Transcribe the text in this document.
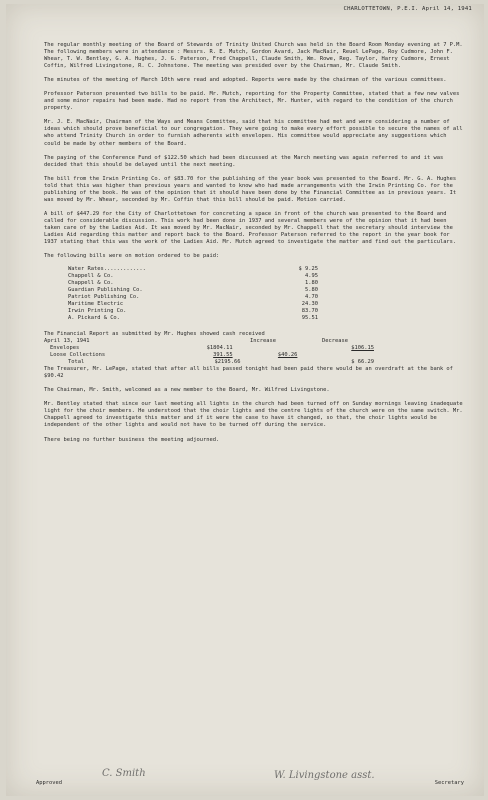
CHARLOTTETOWN, P.E.I. April 14, 1941

The regular monthly meeting of the Board of Stewards of Trinity United Church was held in the Board Room Monday evening at 7 P.M. The following members were in attendance : Messrs. R. E. Mutch, Gordon Avard, Jack MacNair, Reuel LePage, Roy Cudmore, John F. Whear, T. W. Bentley, G. A. Hughes, J. G. Paterson, Fred Chappell, Claude Smith, Wm. Rowe, Reg. Taylor, Harry Cudmore, Ernest Coffin, Wilfred Livingstone, R. C. Johnstone. The meeting was presided over by the Chairman, Mr. Claude Smith.

The minutes of the meeting of March 10th were read and adopted. Reports were made by the chairman of the various committees.

Professor Paterson presented two bills to be paid. Mr. Mutch, reporting for the Property Committee, stated that a few new valves and some minor repairs had been made. Had no report from the Architect, Mr. Hunter, with regard to the condition of the church property.

Mr. J. E. MacNair, Chairman of the Ways and Means Committee, said that his committee had met and were considering a number of ideas which should prove beneficial to our congregation. They were going to make every effort possible to secure the names of all who attend Trinity Church in order to furnish adherents with envelopes. His committee would appreciate any suggestions which could be made by other members of the Board.

The paying of the Conference Fund of $122.50 which had been discussed at the March meeting was again referred to and it was decided that this should be delayed until the next meeting.

The bill from the Irwin Printing Co. of $83.70 for the publishing of the year book was presented to the Board. Mr. G. A. Hughes told that this was higher than previous years and wanted to know who had made arrangements with the Irwin Printing Co. for the publishing of the book. He was of the opinion that it should have been done by the Financial Committee as in previous years. It was moved by Mr. Whear, seconded by Mr. Coffin that this bill should be paid. Motion carried.

A bill of $447.29 for the City of Charlottetown for concreting a space in front of the church was presented to the Board and called for considerable discussion. This work had been done in 1937 and several members were of the opinion that it had been taken care of by the Ladies Aid. It was moved by Mr. MacNair, seconded by Mr. Chappell that the secretary should interview the Ladies Aid regarding this matter and report back to the Board. Professor Paterson referred to the report in the year book for 1937 stating that this was the work of the Ladies Aid. Mr. Mutch agreed to investigate the matter and find out the particulars.

The following bills were on motion ordered to be paid:
Water Rates.............	$ 9.25
Chappell & Co.	4.95
Chappell & Co.	1.80
Guardian Publishing Co.	5.80
Patriot Publishing Co.	4.70
Maritime Electric	24.30
Irwin Printing Co.	83.70
A. Pickard & Co.	95.51
The Financial Report as submitted by Mr. Hughes showed cash received
April 13, 1941	Increase	Decrease
Envelopes	$1804.11	$106.15
Loose Collections	391.55	$40.26
Total	$2195.66	$ 66.29

The Treasurer, Mr. LePage, stated that after all bills passed tonight had been paid there would be an overdraft at the bank of $90.42

The Chairman, Mr. Smith, welcomed as a new member to the Board, Mr. Wilfred Livingstone.

Mr. Bentley stated that since our last meeting all lights in the church had been turned off on Sunday mornings leaving inadequate light for the choir members. He understood that the choir lights and the centre lights of the church were on the same switch. Mr. Chappell agreed to investigate this matter and if it were the case to have it changed, so that, the choir lights would be independent of the other lights and would not have to be turned off during the service.

There being no further business the meeting adjourned.
Approved	Secretary
C. Smith	W. Livingstone asst.
